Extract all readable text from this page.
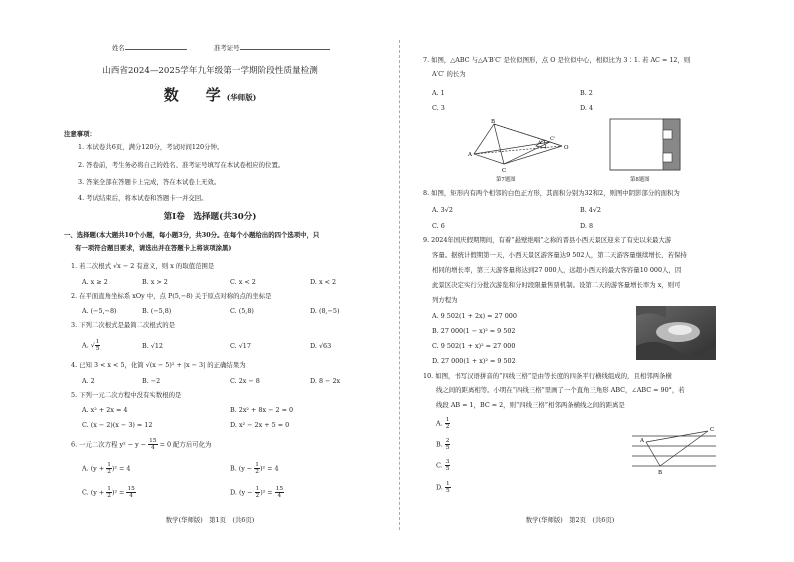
姓名	准考证号
山西省2024—2025学年九年级第一学期阶段性质量检测
数　学(华师版)
注意事项：
1. 本试卷共6页，满分120分，考试时间120分钟。
2. 答卷前，考生务必将自己的姓名、准考证号填写在本试卷相应的位置。
3. 答案全部在答题卡上完成，答在本试卷上无效。
4. 考试结束后，将本试卷和答题卡一并交回。
第Ⅰ卷　选择题(共30分)
一、选择题(本大题共10个小题，每小题3分，共30分。在每个小题给出的四个选项中，只
有一项符合题目要求，请选出并在答题卡上将该项涂黑)
1. 若二次根式 √x − 2 有意义，则 x 的取值范围是
A. x ≥ 2	B. x > 2	C. x < 2	D. x < 2
2. 在平面直角坐标系 xOy 中，点 P(5,−8) 关于原点对称的点的坐标是
A. (−5,−8)	B. (−5,8)	C. (5,8)	D. (8,−5)
3. 下列二次根式是最简二次根式的是
A. √ $\frac{1}{5}$	B. √12	C. √17	D. √63
4. 已知 3 < x < 5，化简 √(x − 5)² + |x − 3| 的正确结果为
A. 2	B. −2	C. 2x − 8	D. 8 − 2x
5. 下列一元二次方程中没有实数根的是
A. x² + 2x = 4	B. 2x² + 8x − 2 = 0
C. (x − 2)(x − 3) = 12	D. x² − 2x + 5 = 0
6. 一元二次方程 $y^2 - y - \frac{15}{4} = 0$ 配方后可化为
A. $(y + \frac{1}{2} )^2 = 4$	B. $(y - \frac{1}{2} )^2 = 4$
C. $(y + \frac{1}{2} )^2 = \frac{15}{4}$	D. $(y - \frac{1}{2} )^2 = \frac{15}{4}$
数学(华师版)　第1页　(共6页)
7. 如图，△ABC 与△A′B′C′ 是位似图形，点 O 是位似中心，相似比为 3∶1. 若 AC = 12，则
A′C′ 的长为
A. 1	B. 2
C. 3	D. 4
A
B
C
C'
O
A'
第7题图	第8题图
8. 如图，矩形内有两个相邻的白色正方形，其面积分别为32和2，则图中阴影部分的面积为
A. 3√2	B. 4√2
C. 6	D. 8
9. 2024年国庆假期期间，有着“悬壁绝唱”之称的晋县小西天景区迎来了有史以来最大游
客量。据统计假期第一天，小西天景区游客量达9 502人，第二天游客量继续增长，若保持
相同的增长率，第三天游客量将达到27 000人，远超小西天的最大客容量10 000人，因
此景区决定实行分批次游览和分时段限量售票机制。设第二天的游客量增长率为 x，则可
列方程为
A. 9 502(1 + 2x) = 27 000
B. 27 000(1 − x)² = 9 502
C. 9 502(1 + x)² = 27 000
D. 27 000(1 + x)² = 9 502
10. 如图，书写汉语拼音的“四线三格”是由等长度的四条平行横线组成的，且相邻两条横
线之间的距离相等。小明在“四线三格”里画了一个直角三角形 ABC，∠ABC = 90°，若
线段 AB = 1，BC = 2，则“四线三格”相邻两条横线之间的距离是
A. $\frac{1}{2}$
B. $\frac{2}{5}$
C. $\frac{3}{5}$
D. $\frac{1}{5}$
A
C
B
数学(华师版)　第2页　(共6页)
